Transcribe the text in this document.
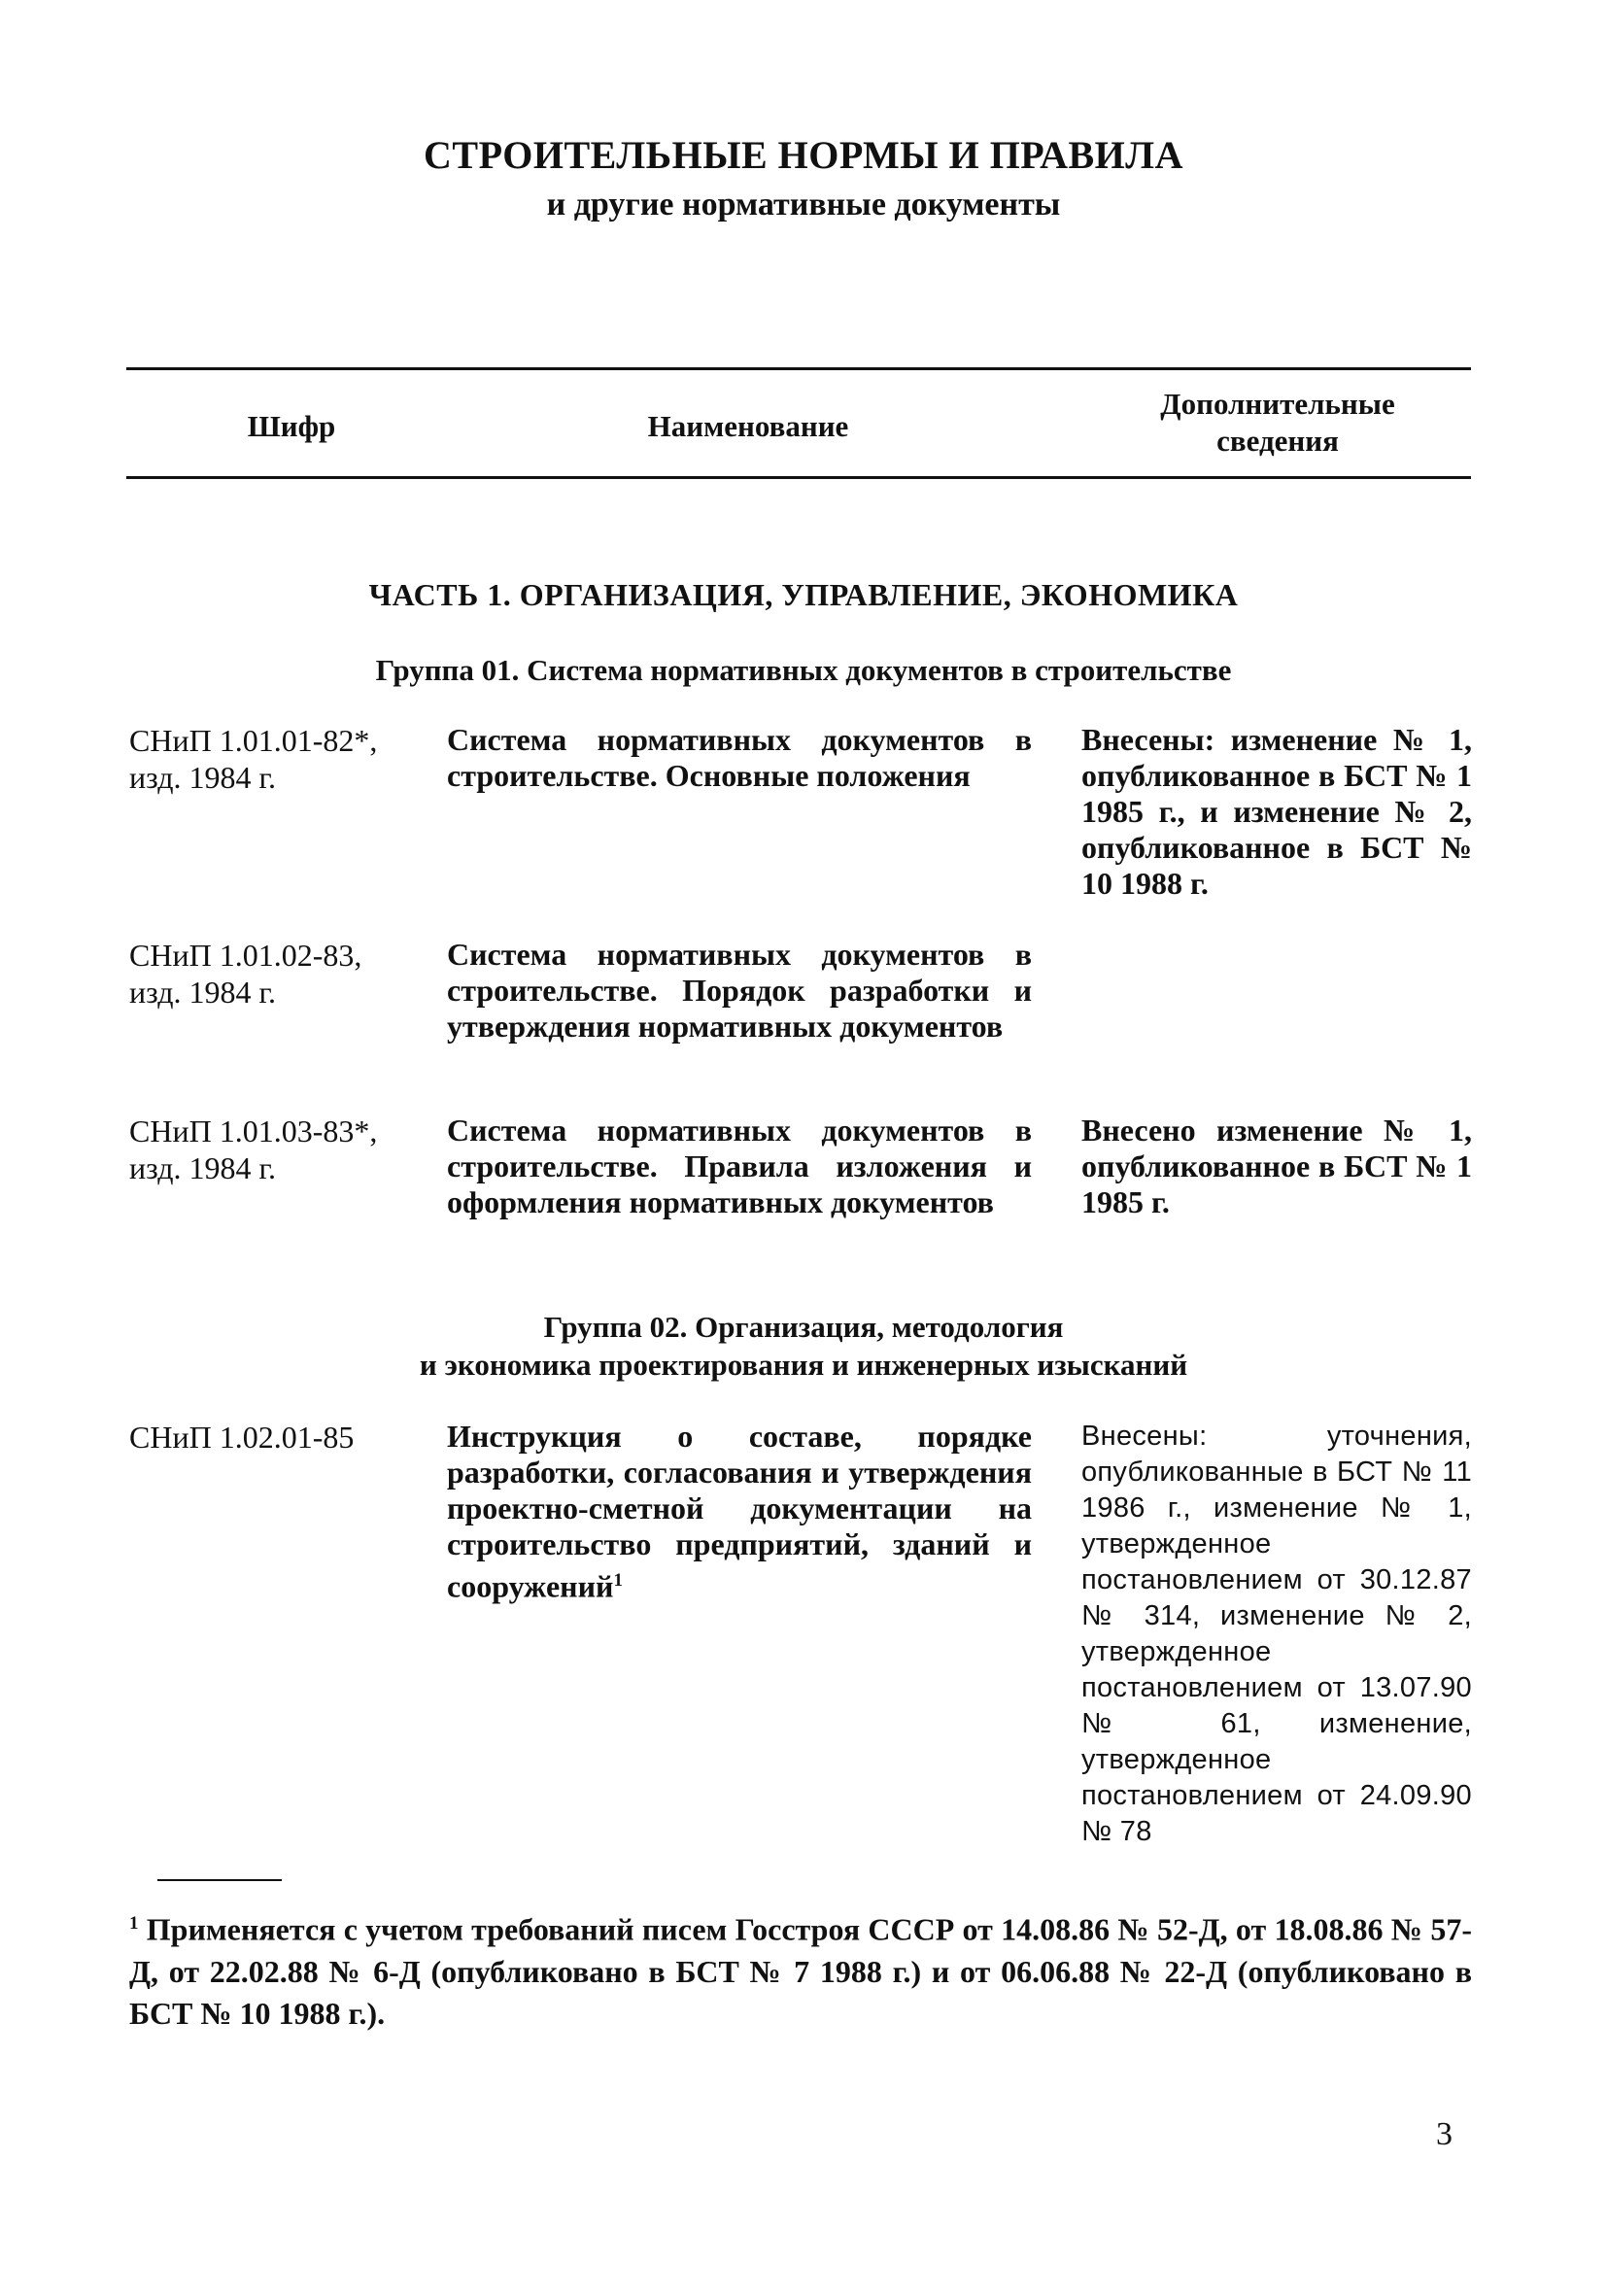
СТРОИТЕЛЬНЫЕ НОРМЫ И ПРАВИЛА
и другие нормативные документы
Шифр	Наименование
Дополнительные
сведения
ЧАСТЬ 1. ОРГАНИЗАЦИЯ, УПРАВЛЕНИЕ, ЭКОНОМИКА
Группа 01. Система нормативных документов в строительстве
СНиП 1.01.01-82*,
изд. 1984 г.
Система нормативных документов в строительстве. Основные положения
Внесены: изменение № 1, опубликованное в БСТ № 1 1985 г., и изменение № 2, опубликованное в БСТ № 10 1988 г.
СНиП 1.01.02-83,
изд. 1984 г.
Система нормативных документов в строительстве. Порядок разработки и утверждения нормативных документов
СНиП 1.01.03-83*,
изд. 1984 г.
Система нормативных документов в строительстве. Правила изложения и оформления нормативных документов
Внесено изменение № 1, опубликованное в БСТ № 1 1985 г.
Группа 02. Организация, методология
и экономика проектирования и инженерных изысканий
СНиП 1.02.01-85	Инструкция о составе, порядке разработки, согласования и утверждения проектно-сметной документации на строительство предприятий, зданий и сооружений$^1$
Внесены: уточнения, опубликованные в БСТ № 11 1986 г., изменение № 1, утвержденное постановлением от 30.12.87 № 314, изменение № 2, утвержденное постановлением от 13.07.90 № 61, изменение, утвержденное постановлением от 24.09.90 № 78
$^1$ Применяется с учетом требований писем Госстроя СССР от 14.08.86 № 52-Д, от 18.08.86 № 57-Д, от 22.02.88 № 6-Д (опубликовано в БСТ № 7 1988 г.) и от 06.06.88 № 22-Д (опубликовано в БСТ № 10 1988 г.).
3
